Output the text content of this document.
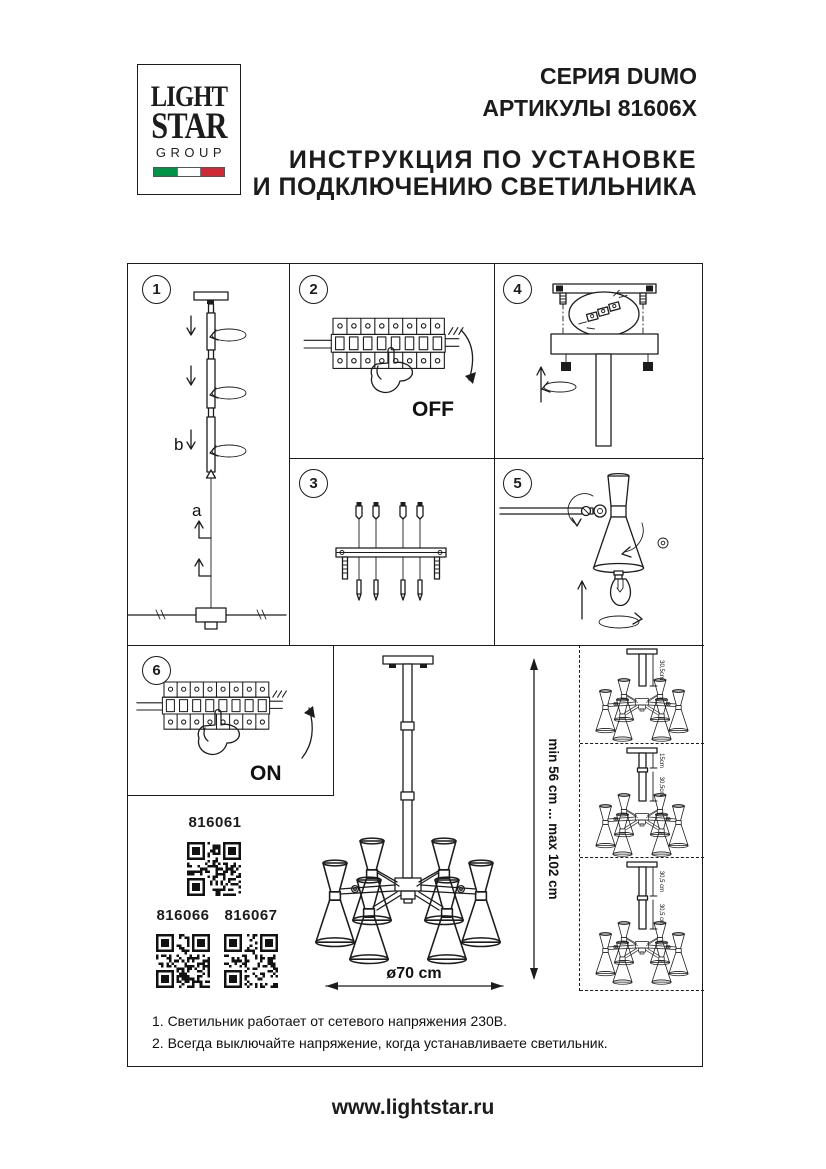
LIGHT
STAR
GROUP
СЕРИЯ DUMO
АРТИКУЛЫ 81606X
ИНСТРУКЦИЯ ПО УСТАНОВКЕ
И ПОДКЛЮЧЕНИЮ СВЕТИЛЬНИКА
1	2
3
4
5
6
b
a
OFF
ON
ø70 cm
min 56 cm ... max 102 cm
30,5cm
15cm
30,5cm
30,5 cm
30,5 cm
816061
816066 816067
1. Светильник работает от сетевого напряжения 230В.
2. Всегда выключайте напряжение, когда устанавливаете светильник.
www.lightstar.ru
